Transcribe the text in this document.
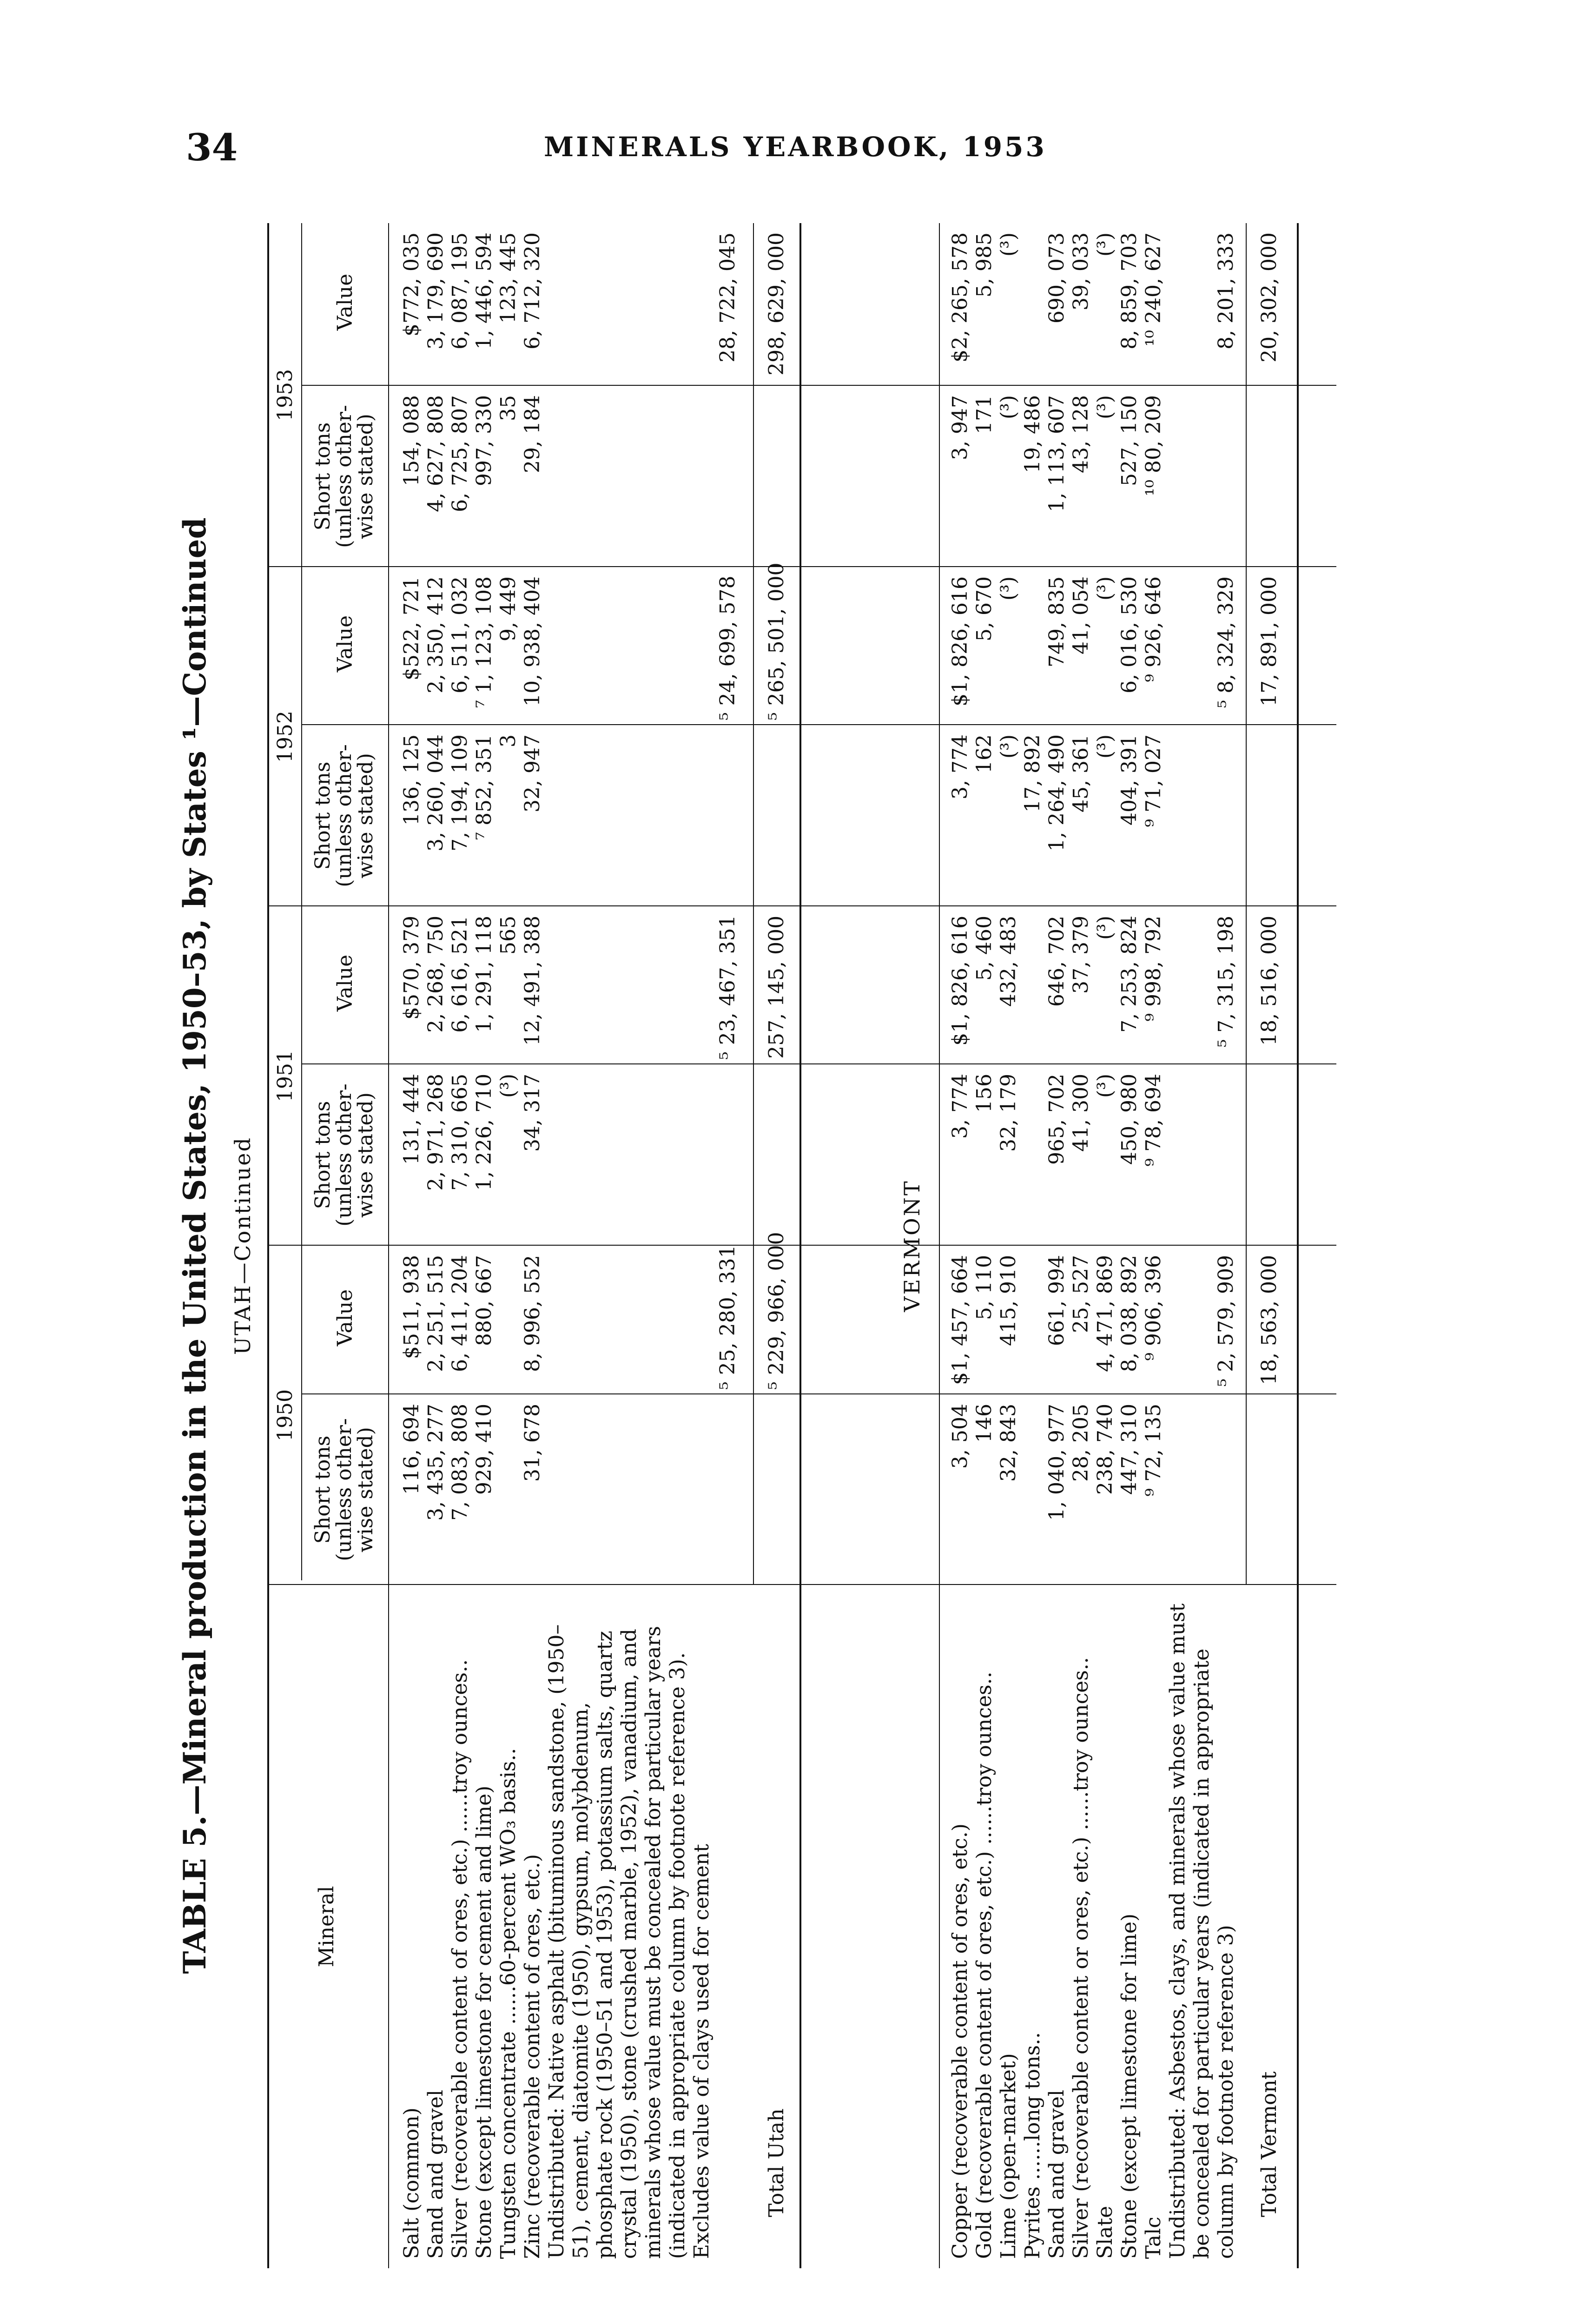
34	MINERALS YEARBOOK, 1953
TABLE 5.—Mineral production in the United States, 1950–53, by States ¹—Continued UTAH—Continued
Mineral
1950
1951
1952
1953
Short tons (unless other- wise stated)
Value
Short tons (unless other- wise stated)
Value
Short tons (unless other- wise stated)
Value
Short tons (unless other- wise stated)
Value
Salt (common)
116, 694
$511, 938
131, 444
$570, 379
136, 125
$522, 721
154, 088
$772, 035
Sand and gravel
3, 435, 277
2, 251, 515
2, 971, 268
2, 268, 750
3, 260, 044
2, 350, 412
4, 627, 808
3, 179, 690
Silver (recoverable content of ores, etc.) ......troy ounces..
7, 083, 808
6, 411, 204
7, 310, 665
6, 616, 521
7, 194, 109
6, 511, 032
6, 725, 807
6, 087, 195
Stone (except limestone for cement and lime)
929, 410
880, 667
1, 226, 710
1, 291, 118
⁷ 852, 351
⁷ 1, 123, 108
997, 330
1, 446, 594
Tungsten concentrate ......60-percent WO₃ basis..
(³)
565
3
9, 449
35
123, 445
Zinc (recoverable content of ores, etc.)
31, 678
8, 996, 552
34, 317
12, 491, 388
32, 947
10, 938, 404
29, 184
6, 712, 320
Undistributed: Native asphalt (bituminous sandstone, (1950–51), cement, diatomite (1950), gypsum, molybdenum, phosphate rock (1950–51 and 1953), potassium salts, quartz crystal (1950), stone (crushed marble, 1952), vanadium, and minerals whose value must be concealed for particular years (indicated in appropriate column by footnote reference 3). Excludes value of clays used for cement
⁵ 25, 280, 331
⁵ 23, 467, 351
⁵ 24, 699, 578
28, 722, 045
Total Utah
⁵ 229, 966, 000
257, 145, 000
⁵ 265, 501, 000
298, 629, 000
VERMONT
Copper (recoverable content of ores, etc.)
3, 504
$1, 457, 664
3, 774
$1, 826, 616
3, 774
$1, 826, 616
3, 947
$2, 265, 578
Gold (recoverable content of ores, etc.) ......troy ounces..
146
5, 110
156
5, 460
162
5, 670
171
5, 985
Lime (open-market)
32, 843
415, 910
32, 179
432, 483
(³)
(³)
(³)
(³)
Pyrites ......long tons..
17, 892
19, 486
Sand and gravel
1, 040, 977
661, 994
965, 702
646, 702
1, 264, 490
749, 835
1, 113, 607
690, 073
Silver (recoverable content or ores, etc.) ......troy ounces..
28, 205
25, 527
41, 300
37, 379
45, 361
41, 054
43, 128
39, 033
Slate
238, 740
4, 471, 869
(³)
(³)
(³)
(³)
(³)
(³)
Stone (except limestone for lime)
447, 310
8, 038, 892
450, 980
7, 253, 824
404, 391
6, 016, 530
527, 150
8, 859, 703
Talc
⁹ 72, 135
⁹ 906, 396
⁹ 78, 694
⁹ 998, 792
⁹ 71, 027
⁹ 926, 646
¹⁰ 80, 209
¹⁰ 240, 627
Undistributed: Asbestos, clays, and minerals whose value must be concealed for particular years (indicated in appropriate column by footnote reference 3)
⁵ 2, 579, 909
⁵ 7, 315, 198
⁵ 8, 324, 329
8, 201, 333
Total Vermont
18, 563, 000
18, 516, 000
17, 891, 000
20, 302, 000
